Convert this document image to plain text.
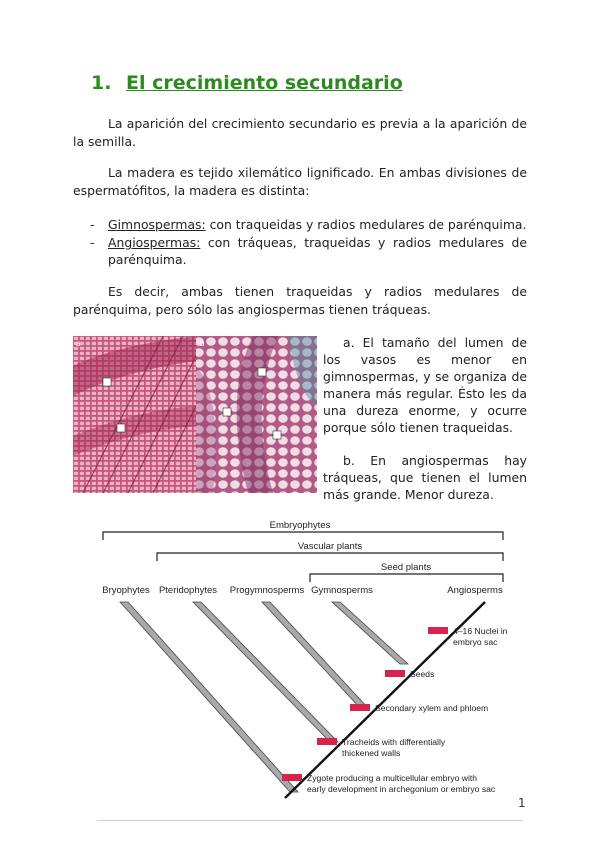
1. El crecimiento secundario

La aparición del crecimiento secundario es previa a la aparición de la semilla.

La madera es tejido xilemático lignificado. En ambas divisiones de espermatófitos, la madera es distinta:

- Gimnospermas: con traqueidas y radios medulares de parénquima.
- Angiospermas: con tráqueas, traqueidas y radios medulares de parénquima.

Es decir, ambas tienen traqueidas y radios medulares de parénquima, pero sólo las angiospermas tienen tráqueas.

a	b	a. El tamaño del lumen de los vasos es menor en gimnospermas, y se organiza de manera más regular. Ésto les da una dureza enorme, y ocurre porque sólo tienen traqueidas.

b. En angiospermas hay tráqueas, que tienen el lumen más grande. Menor dureza.

Embryophytes
Vascular plants
Seed plants
Bryophytes Pteridophytes Progymnosperms Gymnosperms	Angiosperms
4–16 Nuclei in
embryo sac
Seeds
Secondary xylem and phloem
Tracheids with differentially
thickened walls
Zygote producing a multicellular embryo with
early development in archegonium or embryo sac
1
